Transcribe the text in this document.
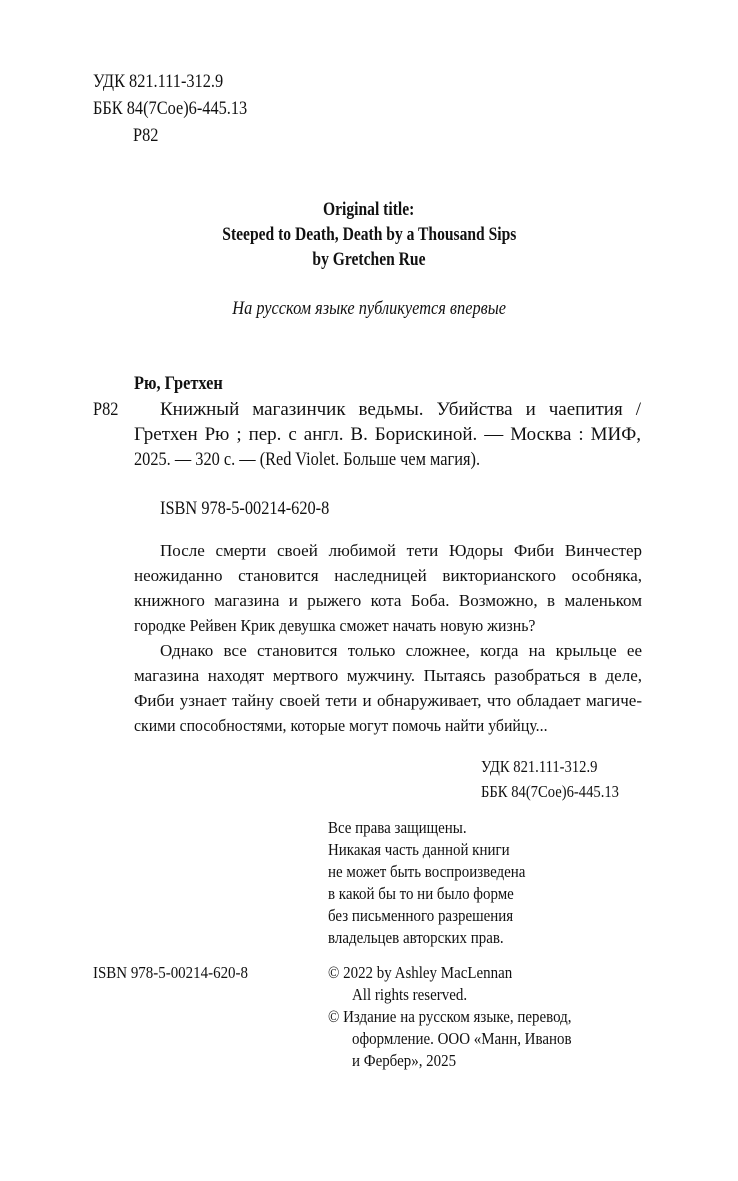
УДК 821.111-312.9
ББК 84(7Сое)6-445.13
Р82
Original title:
Steeped to Death, Death by a Thousand Sips
by Gretchen Rue
На русском языке публикуется впервые
Рю, Гретхен
Р82 Книжный магазинчик ведьмы. Убийства и чаепития /
Гретхен Рю ; пер. с англ. В. Борискиной. — Москва : МИФ,
2025. — 320 с. — (Red Violet. Больше чем магия).
ISBN 978-5-00214-620-8
После смерти своей любимой тети Юдоры Фиби Винчестер
неожиданно становится наследницей викторианского особняка,
книжного магазина и рыжего кота Боба. Возможно, в маленьком
городке Рейвен Крик девушка сможет начать новую жизнь?
Однако все становится только сложнее, когда на крыльце ее
магазина находят мертвого мужчину. Пытаясь разобраться в деле,
Фиби узнает тайну своей тети и обнаруживает, что обладает магиче-
скими способностями, которые могут помочь найти убийцу...
УДК 821.111-312.9
ББК 84(7Сое)6-445.13
Все права защищены.
Никакая часть данной книги
не может быть воспроизведена
в какой бы то ни было форме
без письменного разрешения
владельцев авторских прав.
ISBN 978-5-00214-620-8	© 2022 by Ashley MacLennan
All rights reserved.
© Издание на русском языке, перевод,
оформление. ООО «Манн, Иванов
и Фербер», 2025
